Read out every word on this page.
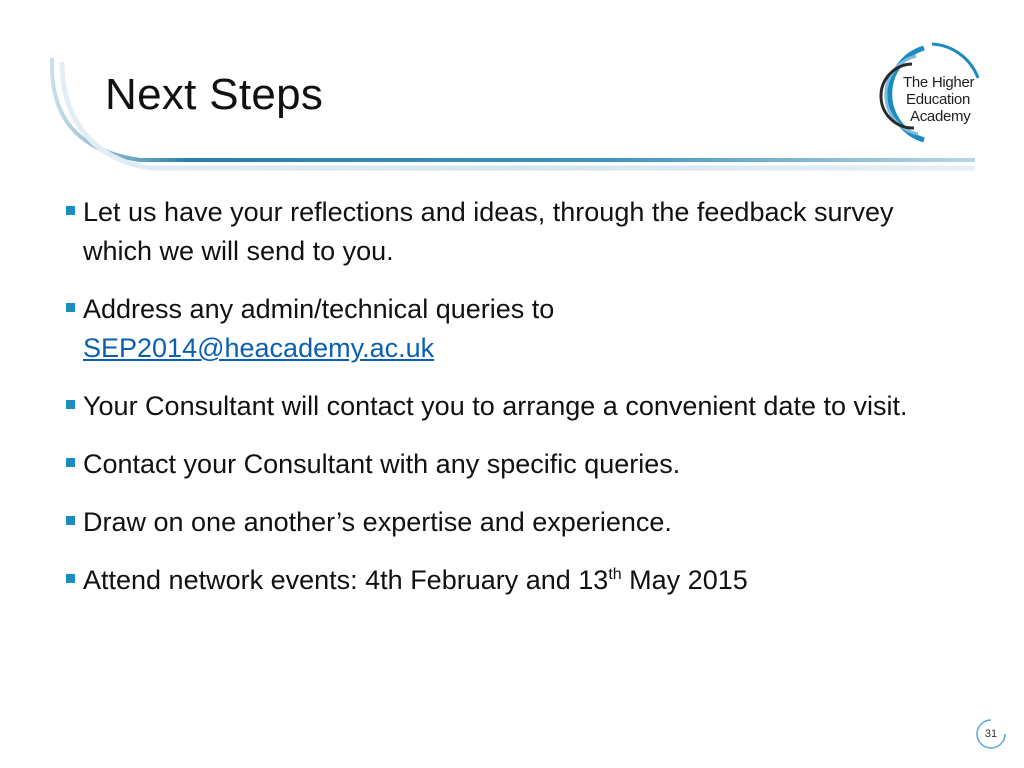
Next Steps	The Higher
Education
Academy
Let us have your reflections and ideas, through the feedback survey which we will send to you.
Address any admin/technical queries to
SEP2014@heacademy.ac.uk
Your Consultant will contact you to arrange a convenient date to visit.
Contact your Consultant with any specific queries.
Draw on one another’s expertise and experience.
Attend network events: 4th February and 13th May 2015
31
